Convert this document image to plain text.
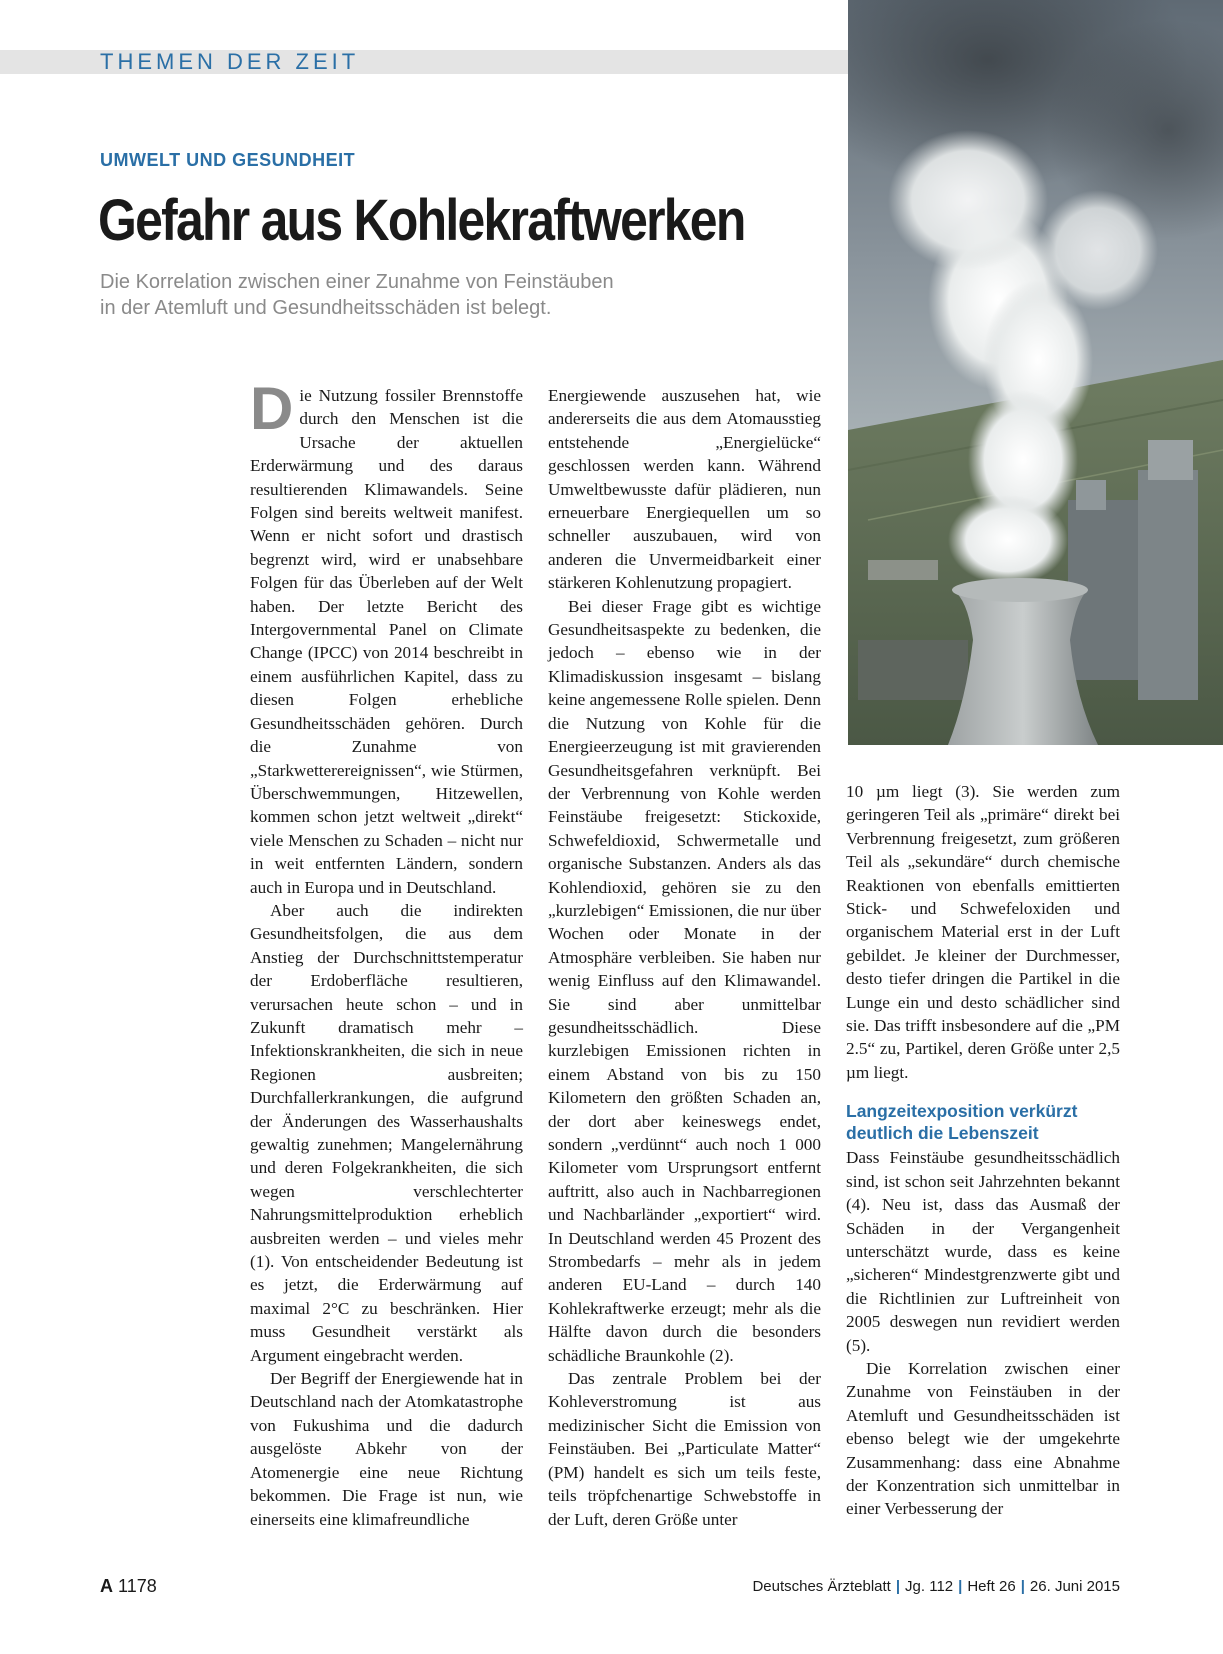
THEMEN DER ZEIT
UMWELT UND GESUNDHEIT
Gefahr aus Kohlekraftwerken
Die Korrelation zwischen einer Zunahme von Feinstäuben
in der Atemluft und Gesundheitsschäden ist belegt.

Die Nutzung fossiler Brennstoffe durch den Menschen ist die Ursache der aktuellen Erderwärmung und des daraus resultierenden Klimawandels. Seine Folgen sind bereits weltweit manifest. Wenn er nicht sofort und drastisch begrenzt wird, wird er unabsehbare Folgen für das Überleben auf der Welt haben. Der letzte Bericht des Intergovernmental Panel on Climate Change (IPCC) von 2014 beschreibt in einem ausführlichen Kapitel, dass zu diesen Folgen erhebliche Gesundheitsschäden gehören. Durch die Zunahme von „Starkwetterereignissen“, wie Stürmen, Überschwemmungen, Hitzewellen, kommen schon jetzt weltweit „direkt“ viele Menschen zu Schaden – nicht nur in weit entfernten Ländern, sondern auch in Europa und in Deutschland.

Aber auch die indirekten Gesundheitsfolgen, die aus dem Anstieg der Durchschnittstemperatur der Erdoberfläche resultieren, verursachen heute schon – und in Zukunft dramatisch mehr – Infektionskrankheiten, die sich in neue Regionen ausbreiten; Durchfallerkrankungen, die aufgrund der Änderungen des Wasserhaushalts gewaltig zunehmen; Mangelernährung und deren Folgekrankheiten, die sich wegen verschlechterter Nahrungsmittelproduktion erheblich ausbreiten werden – und vieles mehr (1). Von entscheidender Bedeutung ist es jetzt, die Erderwärmung auf maximal 2°C zu beschränken. Hier muss Gesundheit verstärkt als Argument eingebracht werden.

Der Begriff der Energiewende hat in Deutschland nach der Atomkatastrophe von Fukushima und die dadurch ausgelöste Abkehr von der Atomenergie eine neue Richtung bekommen. Die Frage ist nun, wie einerseits eine klimafreundliche

Energiewende auszusehen hat, wie andererseits die aus dem Atomausstieg entstehende „Energielücke“ geschlossen werden kann. Während Umweltbewusste dafür plädieren, nun erneuerbare Energiequellen um so schneller auszubauen, wird von anderen die Unvermeidbarkeit einer stärkeren Kohlenutzung propagiert.

Bei dieser Frage gibt es wichtige Gesundheitsaspekte zu bedenken, die jedoch – ebenso wie in der Klimadiskussion insgesamt – bislang keine angemessene Rolle spielen. Denn die Nutzung von Kohle für die Energieerzeugung ist mit gravierenden Gesundheitsgefahren verknüpft. Bei der Verbrennung von Kohle werden Feinstäube freigesetzt: Stickoxide, Schwefeldioxid, Schwermetalle und organische Substanzen. Anders als das Kohlendioxid, gehören sie zu den „kurzlebigen“ Emissionen, die nur über Wochen oder Monate in der Atmosphäre verbleiben. Sie haben nur wenig Einfluss auf den Klimawandel. Sie sind aber unmittelbar gesundheitsschädlich. Diese kurzlebigen Emissionen richten in einem Abstand von bis zu 150 Kilometern den größten Schaden an, der dort aber keineswegs endet, sondern „verdünnt“ auch noch 1 000 Kilometer vom Ursprungsort entfernt auftritt, also auch in Nachbarregionen und Nachbarländer „exportiert“ wird. In Deutschland werden 45 Prozent des Strombedarfs – mehr als in jedem anderen EU-Land – durch 140 Kohlekraftwerke erzeugt; mehr als die Hälfte davon durch die besonders schädliche Braunkohle (2).

Das zentrale Problem bei der Kohleverstromung ist aus medizinischer Sicht die Emission von Feinstäuben. Bei „Particulate Matter“ (PM) handelt es sich um teils feste, teils tröpfchenartige Schwebstoffe in der Luft, deren Größe unter

10 µm liegt (3). Sie werden zum geringeren Teil als „primäre“ direkt bei Verbrennung freigesetzt, zum größeren Teil als „sekundäre“ durch chemische Reaktionen von ebenfalls emittierten Stick- und Schwefeloxiden und organischem Material erst in der Luft gebildet. Je kleiner der Durchmesser, desto tiefer dringen die Partikel in die Lunge ein und desto schädlicher sind sie. Das trifft insbesondere auf die „PM 2.5“ zu, Partikel, deren Größe unter 2,5 µm liegt.

Langzeitexposition verkürzt
deutlich die Lebenszeit

Dass Feinstäube gesundheitsschädlich sind, ist schon seit Jahrzehnten bekannt (4). Neu ist, dass das Ausmaß der Schäden in der Vergangenheit unterschätzt wurde, dass es keine „sicheren“ Mindestgrenzwerte gibt und die Richtlinien zur Luftreinheit von 2005 deswegen nun revidiert werden (5).

Die Korrelation zwischen einer Zunahme von Feinstäuben in der Atemluft und Gesundheitsschäden ist ebenso belegt wie der umgekehrte Zusammenhang: dass eine Abnahme der Konzentration sich unmittelbar in einer Verbesserung der

A 1178	Deutsches Ärzteblatt | Jg. 112 | Heft 26 | 26. Juni 2015
